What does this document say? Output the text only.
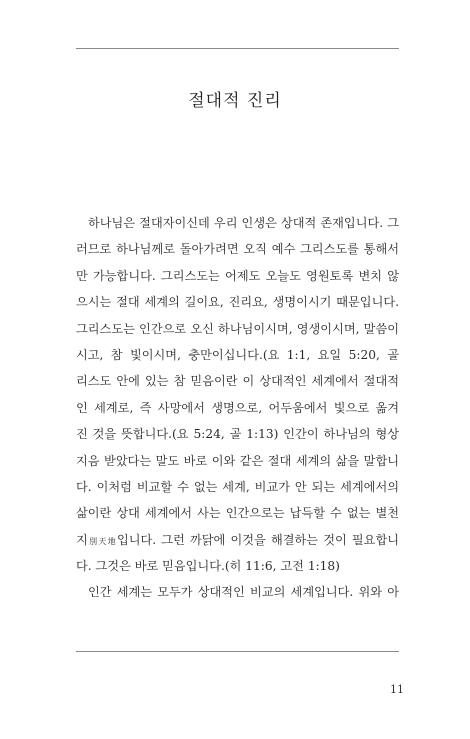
절대적 진리
하나님은 절대자이신데 우리 인생은 상대적 존재입니다. 그
러므로 하나님께로 돌아가려면 오직 예수 그리스도를 통해서
만 가능합니다. 그리스도는 어제도 오늘도 영원토록 변치 않
으시는 절대 세계의 길이요, 진리요, 생명이시기 때문입니다.
그리스도는 인간으로 오신 하나님이시며, 영생이시며, 말씀이
시고, 참 빛이시며, 충만이십니다.(요 1:1, 요일 5:20, 골
리스도 안에 있는 참 믿음이란 이 상대적인 세계에서 절대적
인 세계로, 즉 사망에서 생명으로, 어두움에서 빛으로 옮겨
진 것을 뜻합니다.(요 5:24, 골 1:13) 인간이 하나님의 형상
지음 받았다는 말도 바로 이와 같은 절대 세계의 삶을 말합니
다. 이처럼 비교할 수 없는 세계, 비교가 안 되는 세계에서의
삶이란 상대 세계에서 사는 인간으로는 납득할 수 없는 별천
지別天地입니다. 그런 까닭에 이것을 해결하는 것이 필요합니
다. 그것은 바로 믿음입니다.(히 11:6, 고전 1:18)
인간 세계는 모두가 상대적인 비교의 세계입니다. 위와 아
11
